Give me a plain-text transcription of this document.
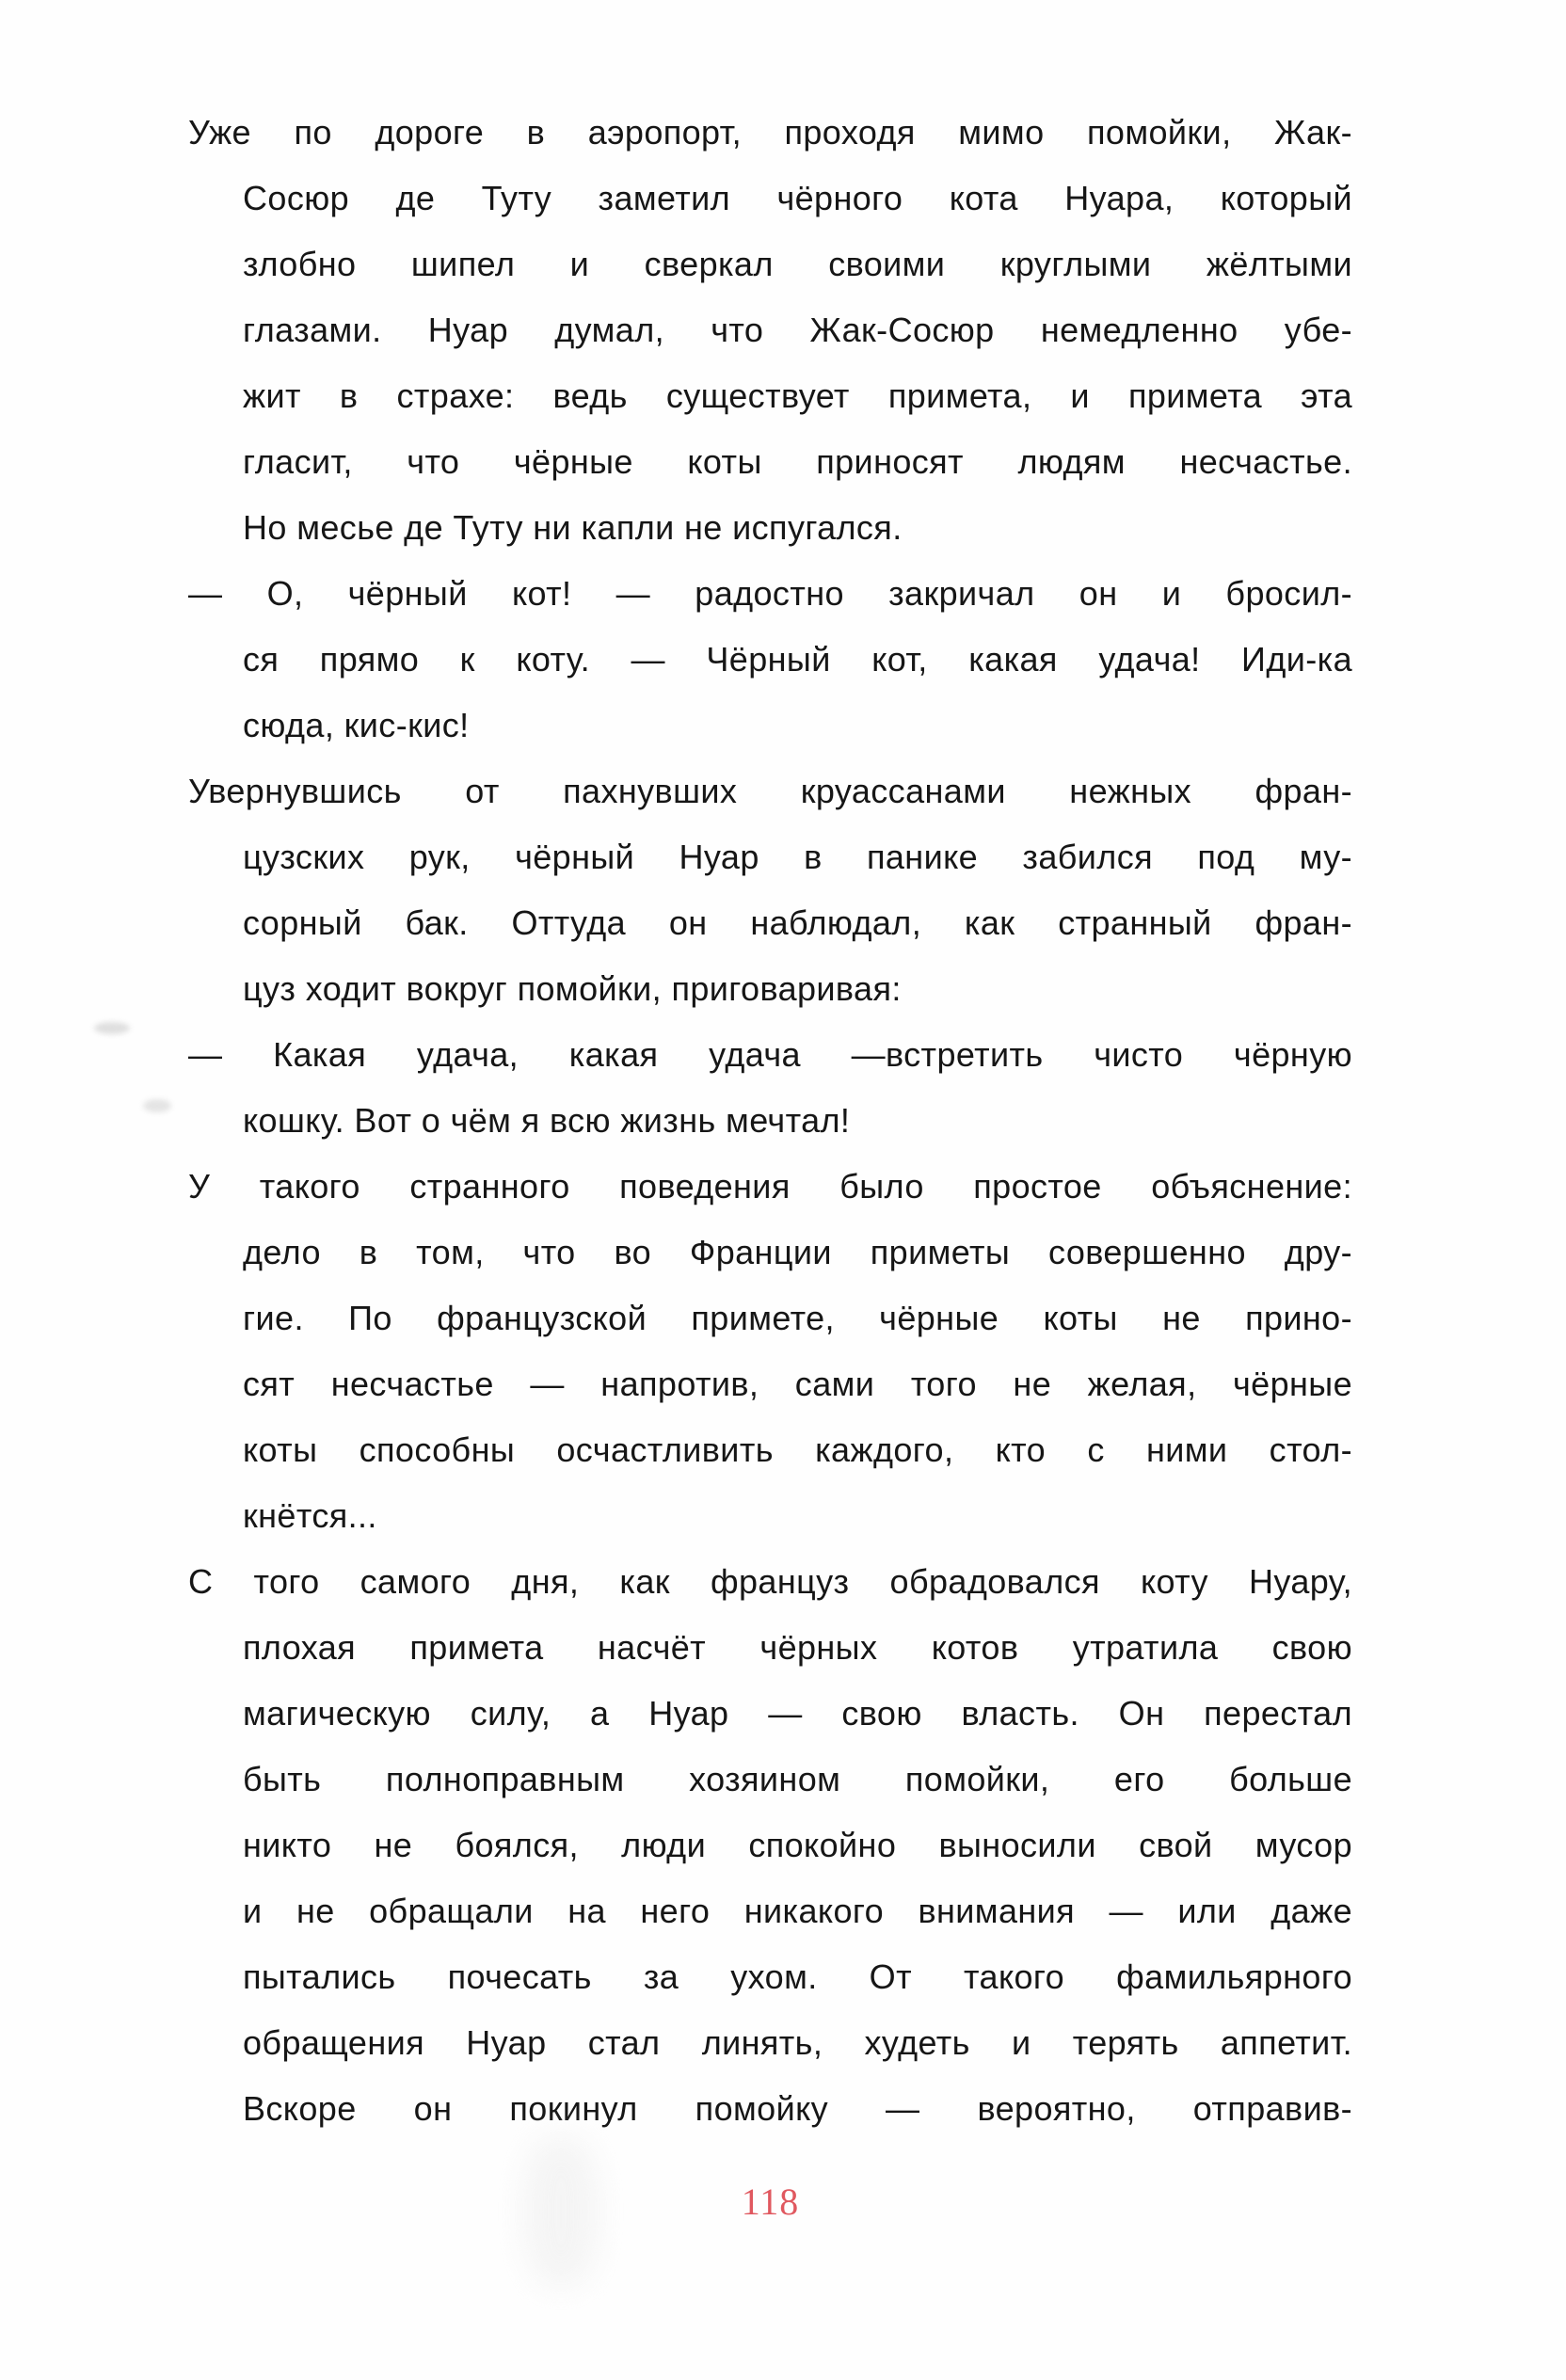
Уже по дороге в аэропорт, проходя мимо помойки, Жак-
Сосюр де Туту заметил чёрного кота Нуара, который
злобно шипел и сверкал своими круглыми жёлтыми
глазами. Нуар думал, что Жак-Сосюр немедленно убе-
жит в страхе: ведь существует примета, и примета эта
гласит, что чёрные коты приносят людям несчастье.
Но месье де Туту ни капли не испугался.
— О, чёрный кот! — радостно закричал он и бросил-
ся прямо к коту. — Чёрный кот, какая удача! Иди-ка
сюда, кис-кис!
Увернувшись от пахнувших круассанами нежных фран-
цузских рук, чёрный Нуар в панике забился под му-
сорный бак. Оттуда он наблюдал, как странный фран-
цуз ходит вокруг помойки, приговаривая:
— Какая удача, какая удача —встретить чисто чёрную
кошку. Вот о чём я всю жизнь мечтал!
У такого странного поведения было простое объяснение:
дело в том, что во Франции приметы совершенно дру-
гие. По французской примете, чёрные коты не прино-
сят несчастье — напротив, сами того не желая, чёрные
коты способны осчастливить каждого, кто с ними стол-
кнётся...
С того самого дня, как француз обрадовался коту Нуару,
плохая примета насчёт чёрных котов утратила свою
магическую силу, а Нуар — свою власть. Он перестал
быть полноправным хозяином помойки, его больше
никто не боялся, люди спокойно выносили свой мусор
и не обращали на него никакого внимания — или даже
пытались почесать за ухом. От такого фамильярного
обращения Нуар стал линять, худеть и терять аппетит.
Вскоре он покинул помойку — вероятно, отправив-
118
